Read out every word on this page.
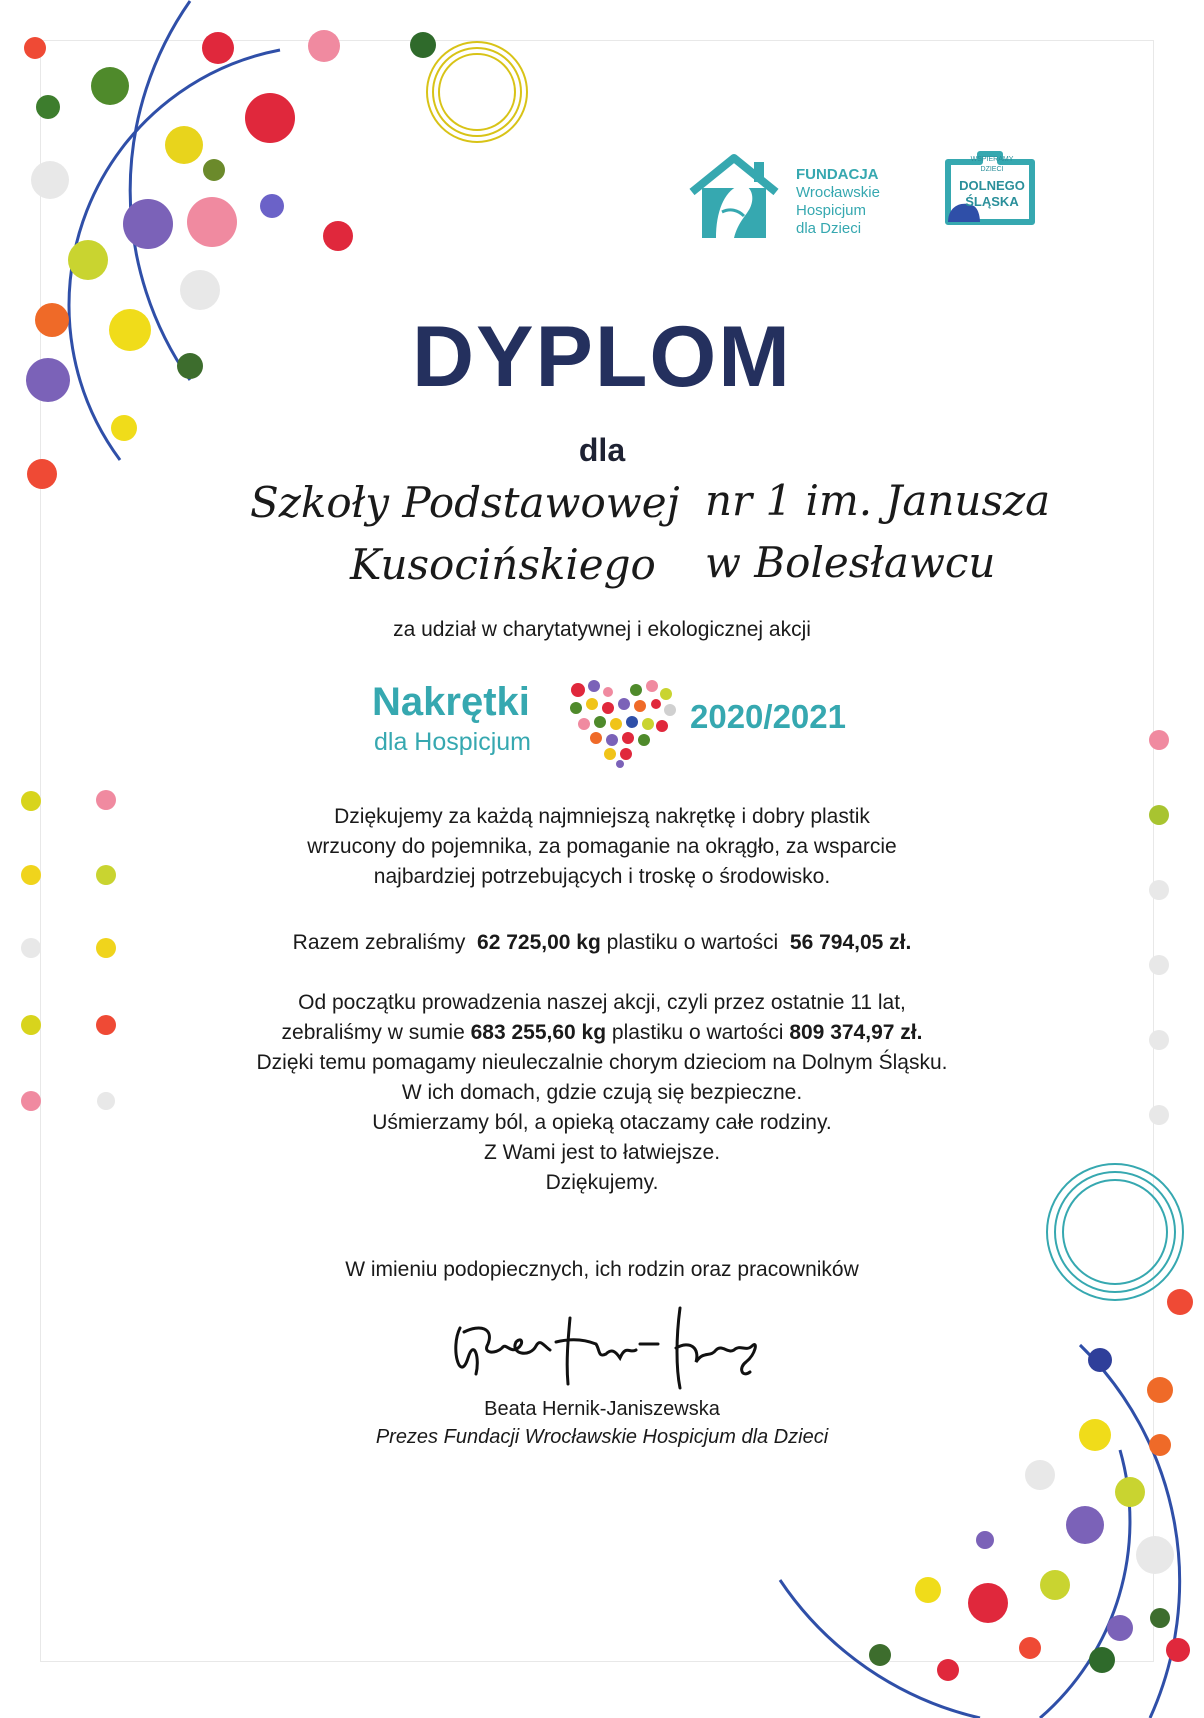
FUNDACJA
Wrocławskie
Hospicjum
dla Dzieci
WSPIERAMY
DZIECI
DOLNEGO
ŚLĄSKA
DYPLOM
dla
Szkoły Podstawowej nr 1 im. Janusza
Kusocińskiego w Bolesławcu
za udział w charytatywnej i ekologicznej akcji
Nakrętki
dla Hospicjum
2020/2021
Dziękujemy za każdą najmniejszą nakrętkę i dobry plastik
wrzucony do pojemnika, za pomaganie na okrągło, za wsparcie
najbardziej potrzebujących i troskę o środowisko.
Razem zebraliśmy 62 725,00 kg plastiku o wartości 56 794,05 zł.
Od początku prowadzenia naszej akcji, czyli przez ostatnie 11 lat,
zebraliśmy w sumie 683 255,60 kg plastiku o wartości 809 374,97 zł.
Dzięki temu pomagamy nieuleczalnie chorym dzieciom na Dolnym Śląsku.
W ich domach, gdzie czują się bezpieczne.
Uśmierzamy ból, a opieką otaczamy całe rodziny.
Z Wami jest to łatwiejsze.
Dziękujemy.
W imieniu podopiecznych, ich rodzin oraz pracowników
Beata Hernik-Janiszewska
Prezes Fundacji Wrocławskie Hospicjum dla Dzieci
